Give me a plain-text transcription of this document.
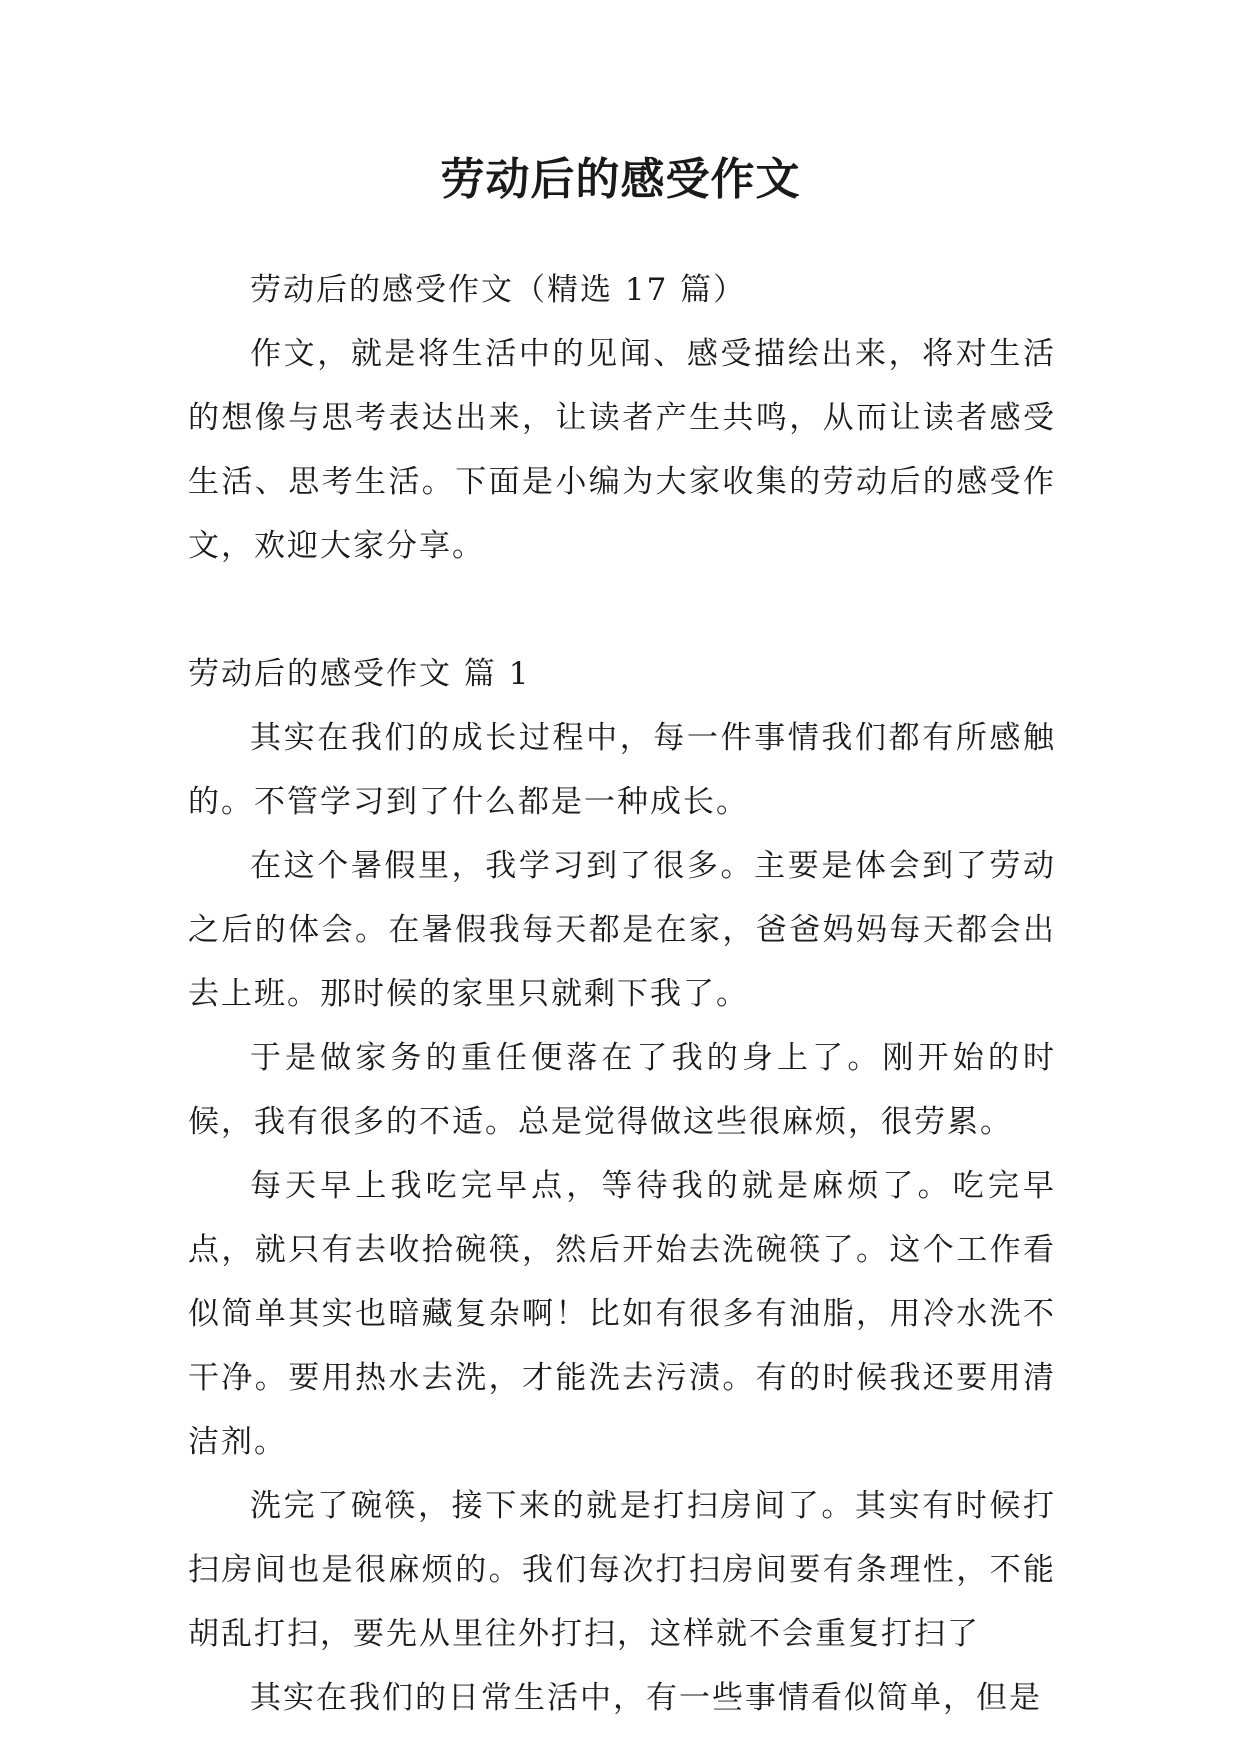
劳动后的感受作文

劳动后的感受作文（精选 17 篇）

作文，就是将生活中的见闻、感受描绘出来，将对生活的想像与思考表达出来，让读者产生共鸣，从而让读者感受生活、思考生活。下面是小编为大家收集的劳动后的感受作文，欢迎大家分享。

劳动后的感受作文 篇 1

其实在我们的成长过程中，每一件事情我们都有所感触的。不管学习到了什么都是一种成长。

在这个暑假里，我学习到了很多。主要是体会到了劳动之后的体会。在暑假我每天都是在家，爸爸妈妈每天都会出去上班。那时候的家里只就剩下我了。

于是做家务的重任便落在了我的身上了。刚开始的时候，我有很多的不适。总是觉得做这些很麻烦，很劳累。

每天早上我吃完早点，等待我的就是麻烦了。吃完早点，就只有去收拾碗筷，然后开始去洗碗筷了。这个工作看似简单其实也暗藏复杂啊！比如有很多有油脂，用冷水洗不干净。要用热水去洗，才能洗去污渍。有的时候我还要用清洁剂。

洗完了碗筷，接下来的就是打扫房间了。其实有时候打扫房间也是很麻烦的。我们每次打扫房间要有条理性，不能胡乱打扫，要先从里往外打扫，这样就不会重复打扫了

其实在我们的日常生活中，有一些事情看似简单，但是
